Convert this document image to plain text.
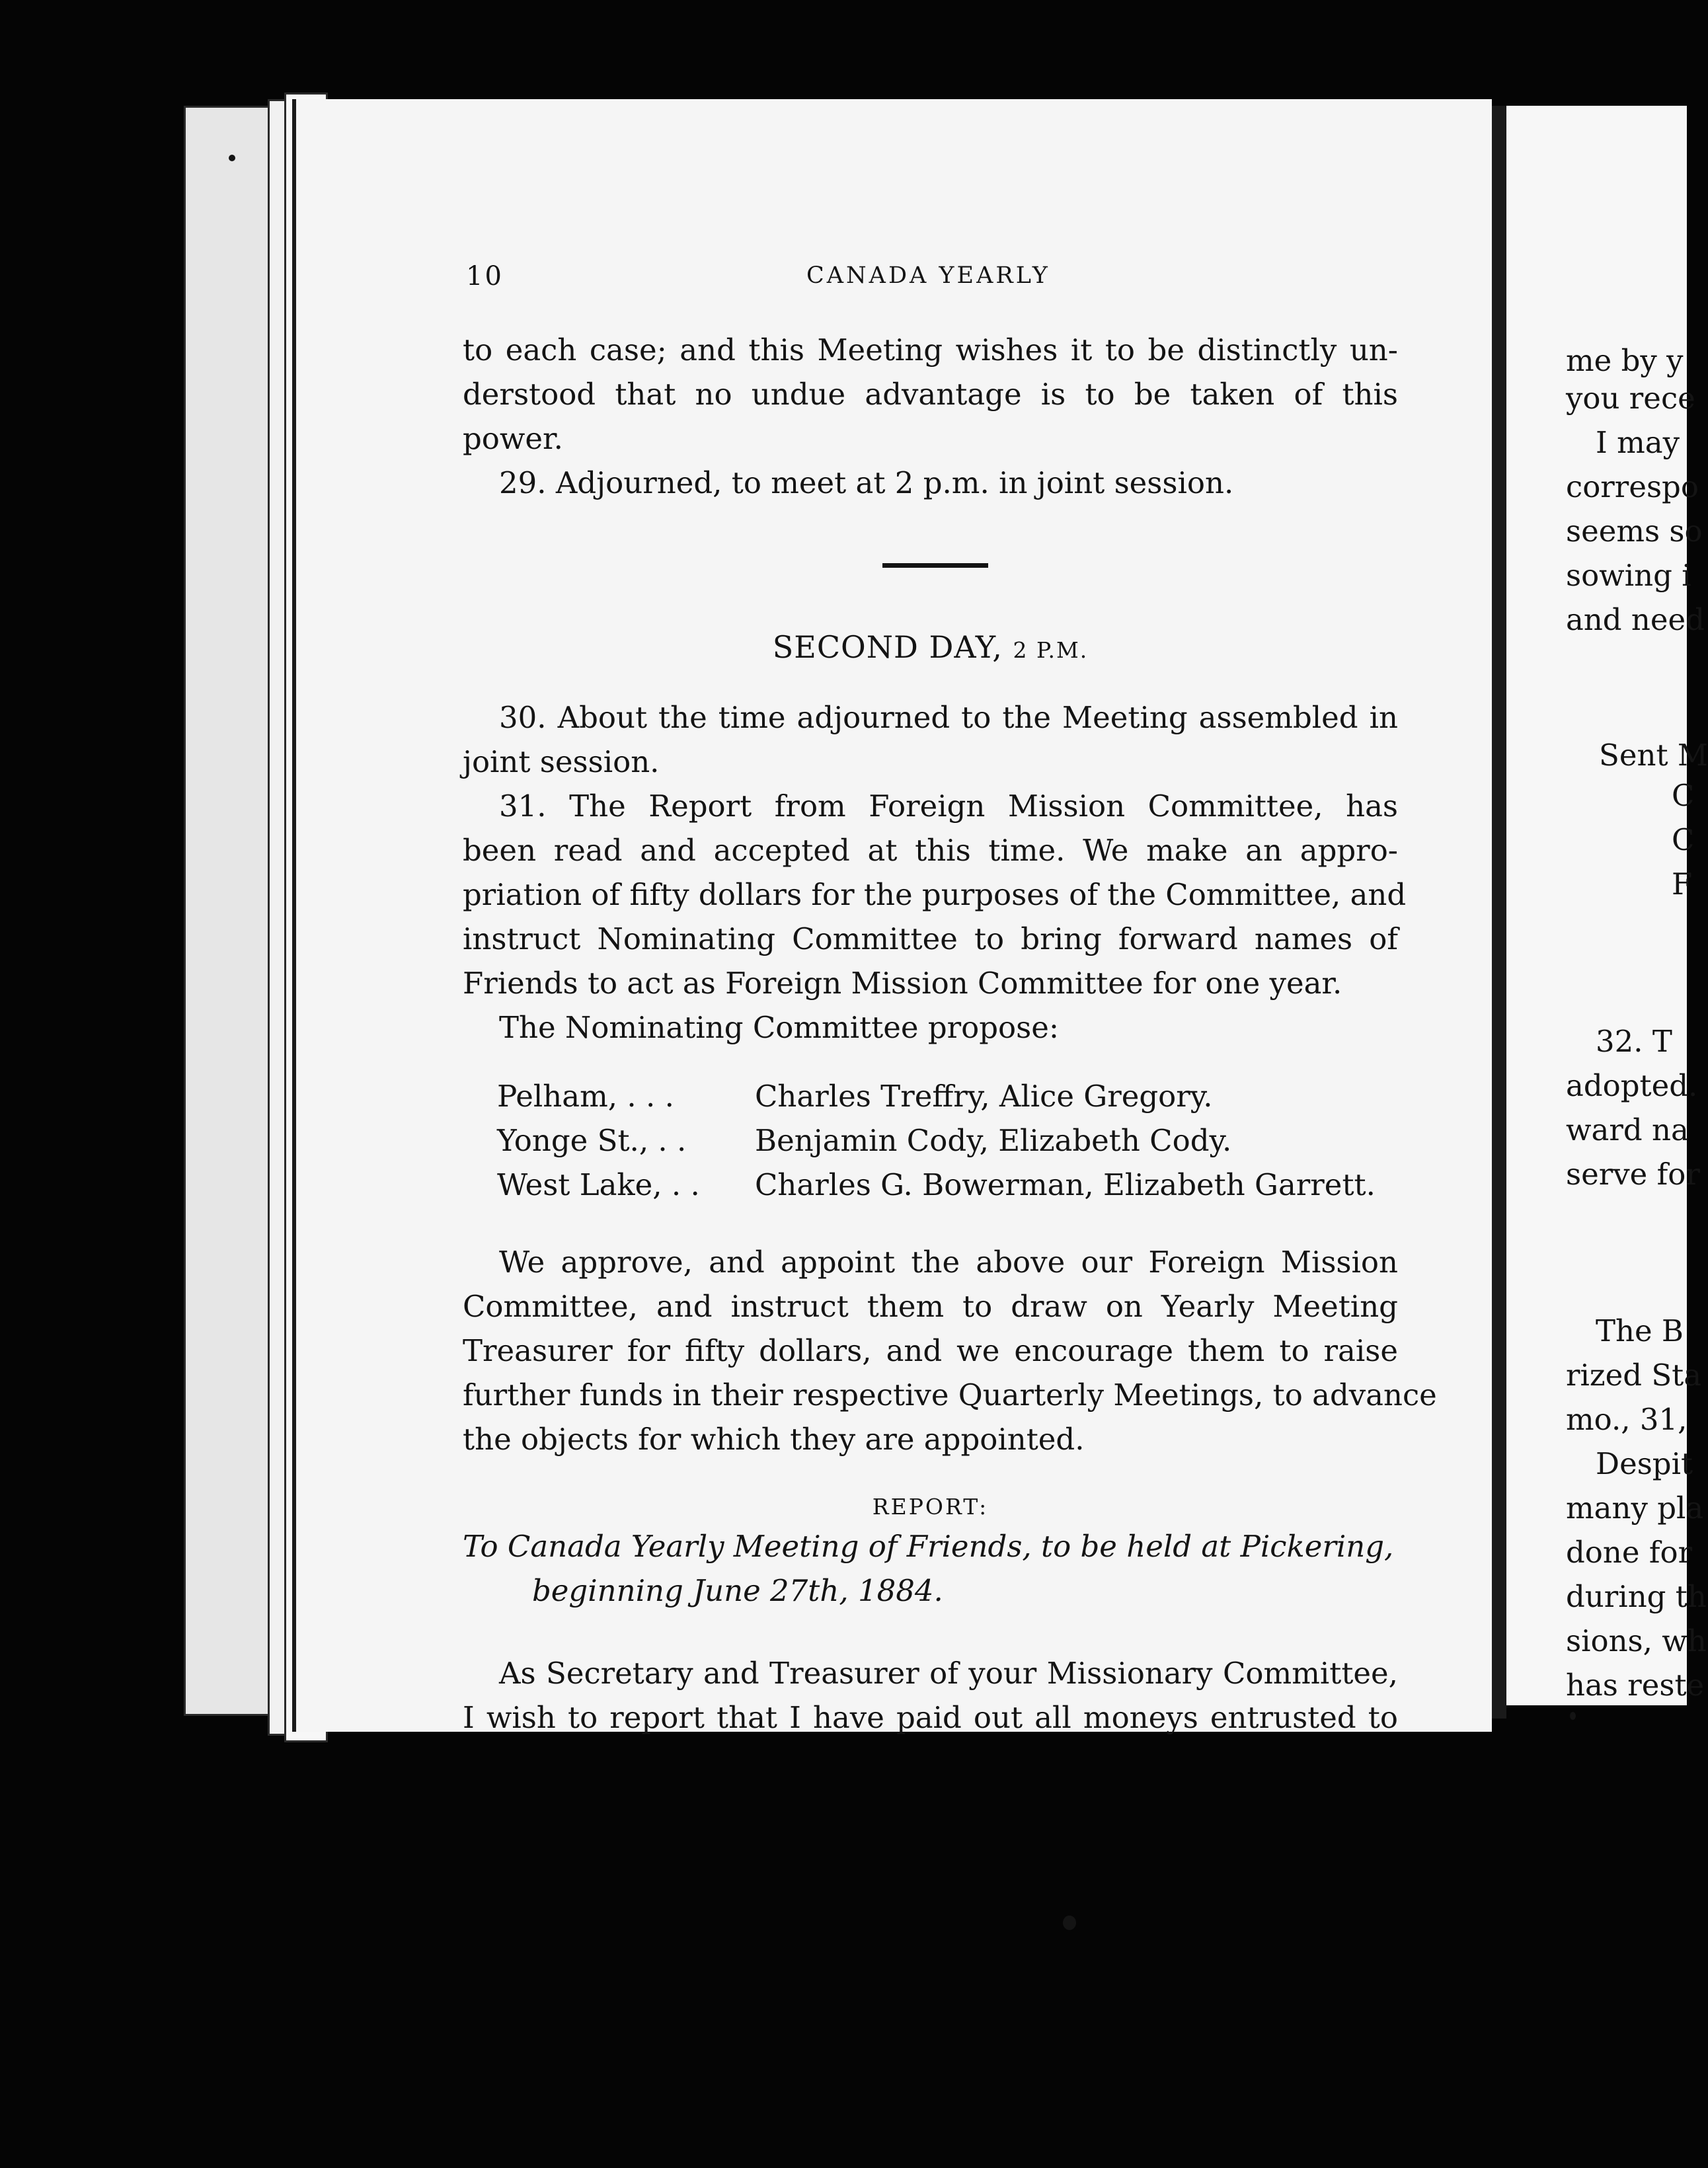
10	CANADA YEARLY
to each case; and this Meeting wishes it to be distinctly un-
derstood that no undue advantage is to be taken of this
power.
29. Adjourned, to meet at 2 p.m. in joint session.
SECOND DAY, 2 P.M.
30. About the time adjourned to the Meeting assembled in
joint session.
31. The Report from Foreign Mission Committee, has
been read and accepted at this time. We make an appro-
priation of fifty dollars for the purposes of the Committee, and
instruct Nominating Committee to bring forward names of
Friends to act as Foreign Mission Committee for one year.
The Nominating Committee propose:
Pelham, . . .	Charles Treffry, Alice Gregory.
Yonge St., . .	Benjamin Cody, Elizabeth Cody.
West Lake, . .	Charles G. Bowerman, Elizabeth Garrett.
We approve, and appoint the above our Foreign Mission
Committee, and instruct them to draw on Yearly Meeting
Treasurer for fifty dollars, and we encourage them to raise
further funds in their respective Quarterly Meetings, to advance
the objects for which they are appointed.
REPORT:
To Canada Yearly Meeting of Friends, to be held at Pickering,
beginning June 27th, 1884.
As Secretary and Treasurer of your Missionary Committee,
I wish to report that I have paid out all moneys entrusted to
me by y
you rece
I may
correspo
seems so
sowing i
and need
Sent M
C
C
F
32. T
adopted.
ward na
serve for
The B
rized Sta
mo., 31,
Despit
many pla
done for
during th
sions, wh
has reste
